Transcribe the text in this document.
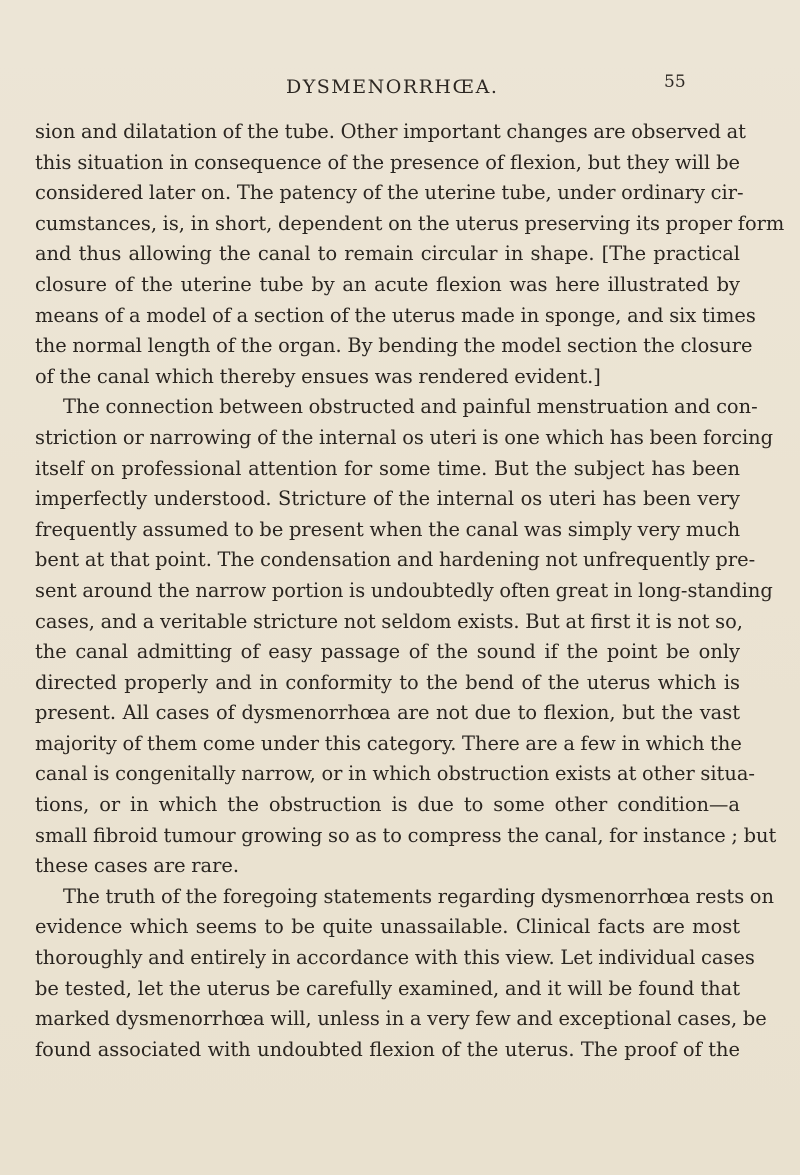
DYSMENORRHŒA.	55
sion and dilatation of the tube. Other important changes are observed at
this situation in consequence of the presence of flexion, but they will be
considered later on. The patency of the uterine tube, under ordinary cir-
cumstances, is, in short, dependent on the uterus preserving its proper form
and thus allowing the canal to remain circular in shape. [The practical
closure of the uterine tube by an acute flexion was here illustrated by
means of a model of a section of the uterus made in sponge, and six times
the normal length of the organ. By bending the model section the closure
of the canal which thereby ensues was rendered evident.]
The connection between obstructed and painful menstruation and con-
striction or narrowing of the internal os uteri is one which has been forcing
itself on professional attention for some time. But the subject has been
imperfectly understood. Stricture of the internal os uteri has been very
frequently assumed to be present when the canal was simply very much
bent at that point. The condensation and hardening not unfrequently pre-
sent around the narrow portion is undoubtedly often great in long-standing
cases, and a veritable stricture not seldom exists. But at first it is not so,
the canal admitting of easy passage of the sound if the point be only
directed properly and in conformity to the bend of the uterus which is
present. All cases of dysmenorrhœa are not due to flexion, but the vast
majority of them come under this category. There are a few in which the
canal is congenitally narrow, or in which obstruction exists at other situa-
tions, or in which the obstruction is due to some other condition—a
small fibroid tumour growing so as to compress the canal, for instance ; but
these cases are rare.
The truth of the foregoing statements regarding dysmenorrhœa rests on
evidence which seems to be quite unassailable. Clinical facts are most
thoroughly and entirely in accordance with this view. Let individual cases
be tested, let the uterus be carefully examined, and it will be found that
marked dysmenorrhœa will, unless in a very few and exceptional cases, be
found associated with undoubted flexion of the uterus. The proof of the
